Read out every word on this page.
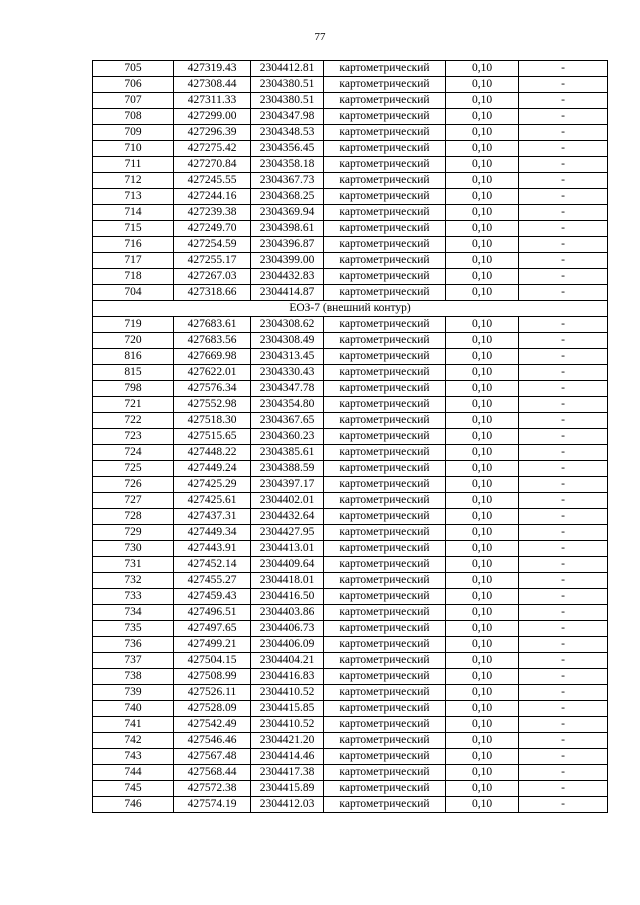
77
705	427319.43	2304412.81	картометрический	0,10	-
706	427308.44	2304380.51	картометрический	0,10	-
707	427311.33	2304380.51	картометрический	0,10	-
708	427299.00	2304347.98	картометрический	0,10	-
709	427296.39	2304348.53	картометрический	0,10	-
710	427275.42	2304356.45	картометрический	0,10	-
711	427270.84	2304358.18	картометрический	0,10	-
712	427245.55	2304367.73	картометрический	0,10	-
713	427244.16	2304368.25	картометрический	0,10	-
714	427239.38	2304369.94	картометрический	0,10	-
715	427249.70	2304398.61	картометрический	0,10	-
716	427254.59	2304396.87	картометрический	0,10	-
717	427255.17	2304399.00	картометрический	0,10	-
718	427267.03	2304432.83	картометрический	0,10	-
704	427318.66	2304414.87	картометрический	0,10	-
ЕОЗ-7 (внешний контур)					
719	427683.61	2304308.62	картометрический	0,10	-
720	427683.56	2304308.49	картометрический	0,10	-
816	427669.98	2304313.45	картометрический	0,10	-
815	427622.01	2304330.43	картометрический	0,10	-
798	427576.34	2304347.78	картометрический	0,10	-
721	427552.98	2304354.80	картометрический	0,10	-
722	427518.30	2304367.65	картометрический	0,10	-
723	427515.65	2304360.23	картометрический	0,10	-
724	427448.22	2304385.61	картометрический	0,10	-
725	427449.24	2304388.59	картометрический	0,10	-
726	427425.29	2304397.17	картометрический	0,10	-
727	427425.61	2304402.01	картометрический	0,10	-
728	427437.31	2304432.64	картометрический	0,10	-
729	427449.34	2304427.95	картометрический	0,10	-
730	427443.91	2304413.01	картометрический	0,10	-
731	427452.14	2304409.64	картометрический	0,10	-
732	427455.27	2304418.01	картометрический	0,10	-
733	427459.43	2304416.50	картометрический	0,10	-
734	427496.51	2304403.86	картометрический	0,10	-
735	427497.65	2304406.73	картометрический	0,10	-
736	427499.21	2304406.09	картометрический	0,10	-
737	427504.15	2304404.21	картометрический	0,10	-
738	427508.99	2304416.83	картометрический	0,10	-
739	427526.11	2304410.52	картометрический	0,10	-
740	427528.09	2304415.85	картометрический	0,10	-
741	427542.49	2304410.52	картометрический	0,10	-
742	427546.46	2304421.20	картометрический	0,10	-
743	427567.48	2304414.46	картометрический	0,10	-
744	427568.44	2304417.38	картометрический	0,10	-
745	427572.38	2304415.89	картометрический	0,10	-
746	427574.19	2304412.03	картометрический	0,10	-
